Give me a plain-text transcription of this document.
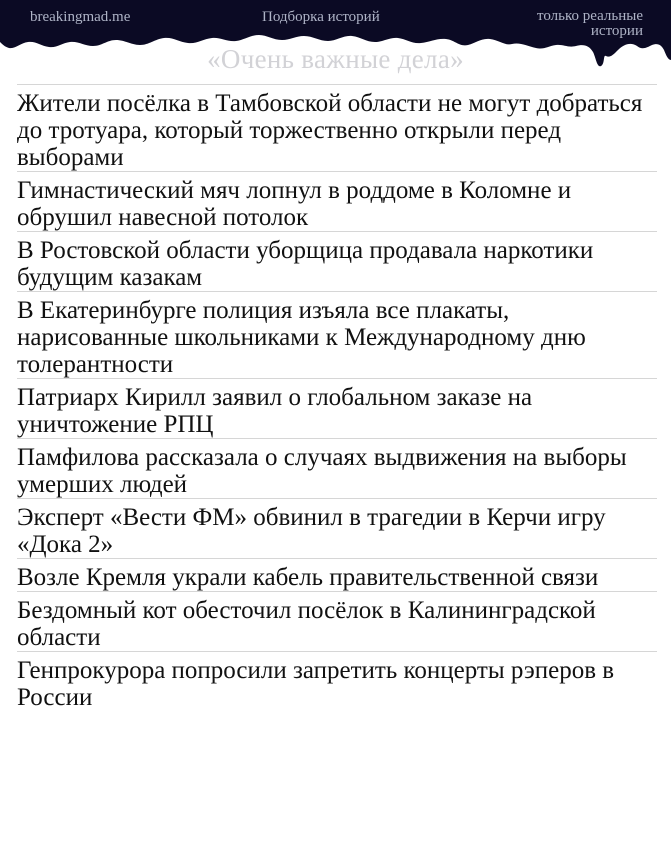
breakingmad.me	Подборка историй	только реальные истории
«Очень важные дела»
Жители посёлка в Тамбовской области не могут добраться до тротуара, который торжественно открыли перед выборами
Гимнастический мяч лопнул в роддоме в Коломне и обрушил навесной потолок
В Ростовской области уборщица продавала наркотики будущим казакам
В Екатеринбурге полиция изъяла все плакаты, нарисованные школьниками к Международному дню толерантности
Патриарх Кирилл заявил о глобальном заказе на уничтожение РПЦ
Памфилова рассказала о случаях выдвижения на выборы умерших людей
Эксперт «Вести ФМ» обвинил в трагедии в Керчи игру «Дока 2»
Возле Кремля украли кабель правительственной связи
Бездомный кот обесточил посёлок в Калининградской области
Генпрокурора попросили запретить концерты рэперов в России
